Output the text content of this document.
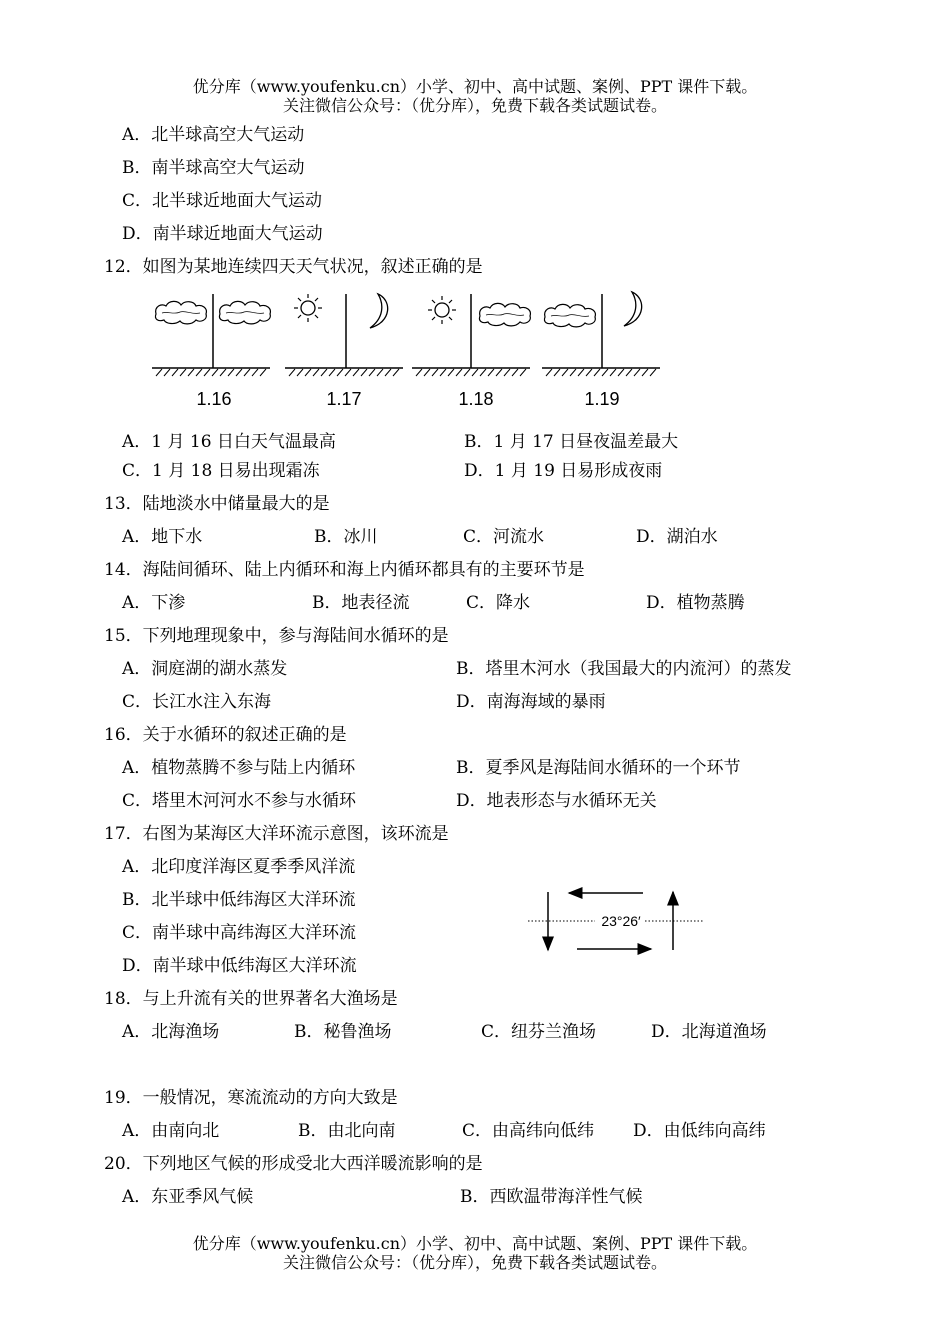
优分库（www.youfenku.cn）小学、初中、高中试题、案例、PPT 课件下载。
关注微信公众号：（优分库），免费下载各类试题试卷。
A．北半球高空大气运动
B．南半球高空大气运动
C．北半球近地面大气运动
D．南半球近地面大气运动
12．如图为某地连续四天天气状况，叙述正确的是
1.16	1.17	1.18	1.19
A．1 月 16 日白天气温最高	B．1 月 17 日昼夜温差最大
C．1 月 18 日易出现霜冻	D．1 月 19 日易形成夜雨
13．陆地淡水中储量最大的是
A．地下水	B．冰川	C．河流水	D．湖泊水
14．海陆间循环、陆上内循环和海上内循环都具有的主要环节是
A．下渗	B．地表径流	C．降水	D．植物蒸腾
15．下列地理现象中，参与海陆间水循环的是
A．洞庭湖的湖水蒸发	B．塔里木河水（我国最大的内流河）的蒸发
C．长江水注入东海	D．南海海域的暴雨
16．关于水循环的叙述正确的是
A．植物蒸腾不参与陆上内循环	B．夏季风是海陆间水循环的一个环节
C．塔里木河河水不参与水循环	D．地表形态与水循环无关
17．右图为某海区大洋环流示意图，该环流是
A．北印度洋海区夏季季风洋流
B．北半球中低纬海区大洋环流
C．南半球中高纬海区大洋环流
D．南半球中低纬海区大洋环流
23°26′
18．与上升流有关的世界著名大渔场是
A．北海渔场	B．秘鲁渔场	C．纽芬兰渔场	D．北海道渔场
19．一般情况，寒流流动的方向大致是
A．由南向北	B．由北向南	C．由高纬向低纬 D．由低纬向高纬
20．下列地区气候的形成受北大西洋暖流影响的是
A．东亚季风气候	B．西欧温带海洋性气候
优分库（www.youfenku.cn）小学、初中、高中试题、案例、PPT 课件下载。
关注微信公众号：（优分库），免费下载各类试题试卷。
